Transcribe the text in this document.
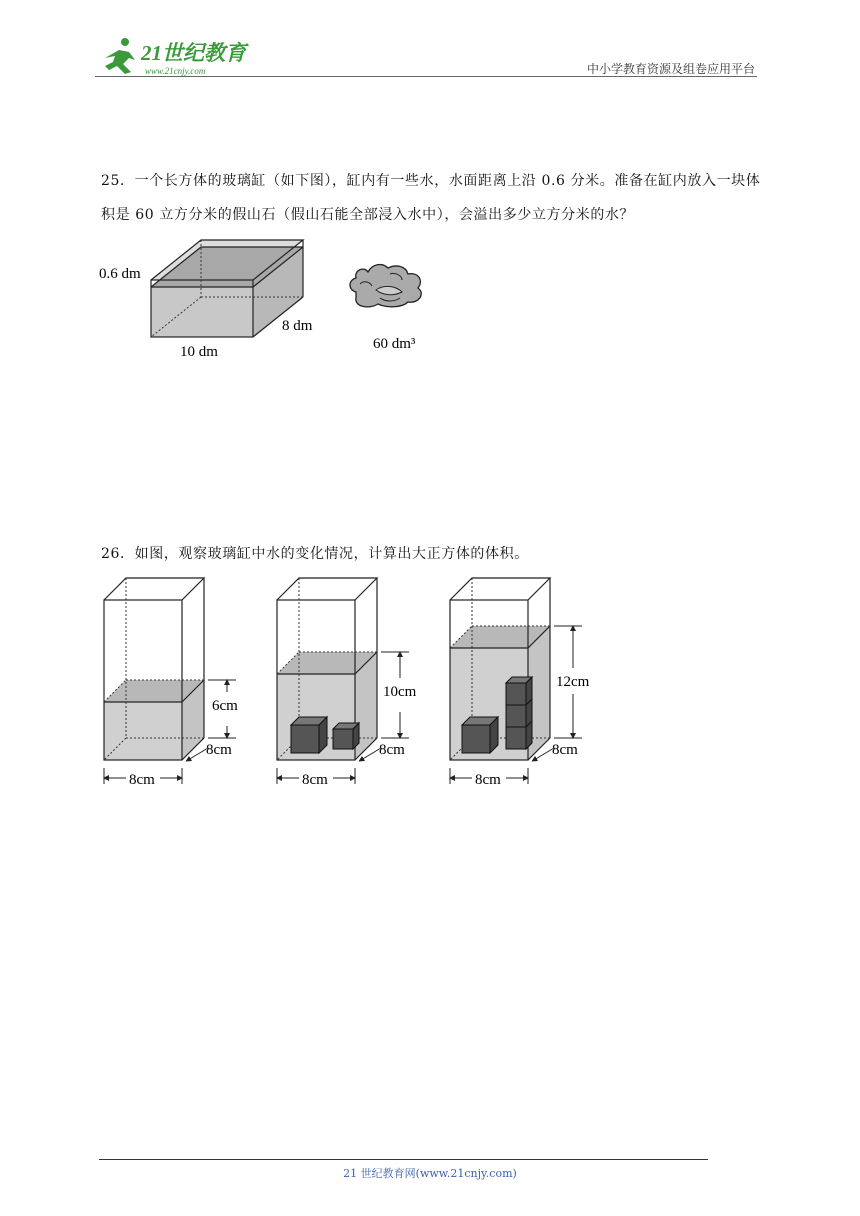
21世纪教育
www.21cnjy.com	中小学教育资源及组卷应用平台
25．一个长方体的玻璃缸（如下图），缸内有一些水，水面距离上沿 0.6 分米。准备在缸内放入一块体积是 60 立方分米的假山石（假山石能全部浸入水中），会溢出多少立方分米的水？
0.6 dm
8 dm
10 dm	60 dm³
26．如图，观察玻璃缸中水的变化情况，计算出大正方体的体积。
6cm
8cm
8cm
10cm
8cm
8cm
12cm
8cm
8cm
21 世纪教育网(www.21cnjy.com)
